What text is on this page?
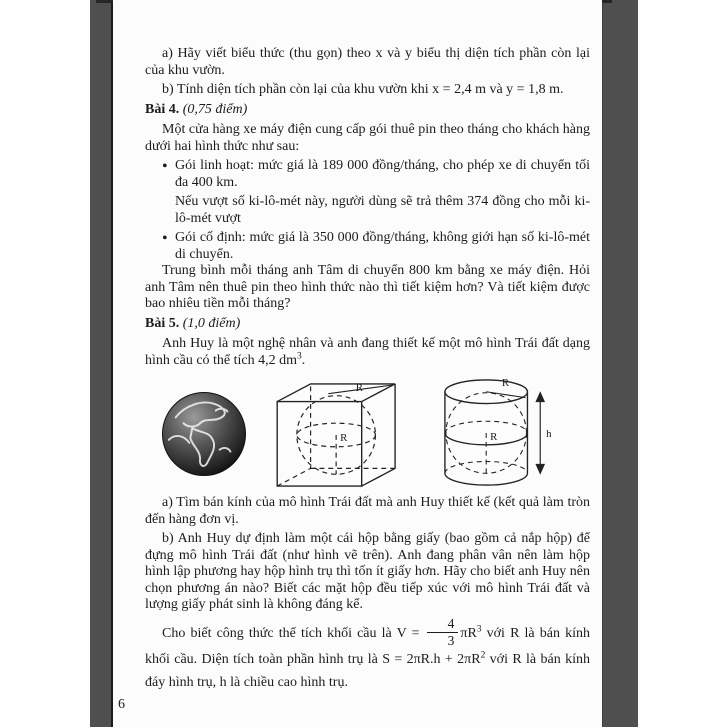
a) Hãy viết biểu thức (thu gọn) theo x và y biểu thị diện tích phần còn lại của khu vườn.

b) Tính diện tích phần còn lại của khu vườn khi x = 2,4 m và y = 1,8 m.

Bài 4. (0,75 điểm)

Một cửa hàng xe máy điện cung cấp gói thuê pin theo tháng cho khách hàng dưới hai hình thức như sau:

• Gói linh hoạt: mức giá là 189 000 đồng/tháng, cho phép xe di chuyển tối đa 400 km.

Nếu vượt số ki-lô-mét này, người dùng sẽ trả thêm 374 đồng cho mỗi ki-lô-mét vượt

• Gói cố định: mức giá là 350 000 đồng/tháng, không giới hạn số ki-lô-mét di chuyển.

Trung bình mỗi tháng anh Tâm di chuyển 800 km bằng xe máy điện. Hỏi anh Tâm nên thuê pin theo hình thức nào thì tiết kiệm hơn? Và tiết kiệm được bao nhiêu tiền mỗi tháng?

Bài 5. (1,0 điểm)

Anh Huy là một nghệ nhân và anh đang thiết kế một mô hình Trái đất dạng hình cầu có thể tích 4,2 $dm^3$.

R
R
R
R	h

a) Tìm bán kính của mô hình Trái đất mà anh Huy thiết kế (kết quả làm tròn đến hàng đơn vị.

b) Anh Huy dự định làm một cái hộp bằng giấy (bao gồm cả nắp hộp) để đựng mô hình Trái đất (như hình vẽ trên). Anh đang phân vân nên làm hộp hình lập phương hay hộp hình trụ thì tốn ít giấy hơn. Hãy cho biết anh Huy nên chọn phương án nào? Biết các mặt hộp đều tiếp xúc với mô hình Trái đất và lượng giấy phát sinh là không đáng kể.

Cho biết công thức thể tích khối cầu là $V = \frac{4}{3} \pi R^3$ với R là bán kính khối cầu. Diện tích toàn phần hình trụ là $S = 2\pi R.h + 2\pi R^2$ với R là bán kính đáy hình trụ, h là chiều cao hình trụ.

6
